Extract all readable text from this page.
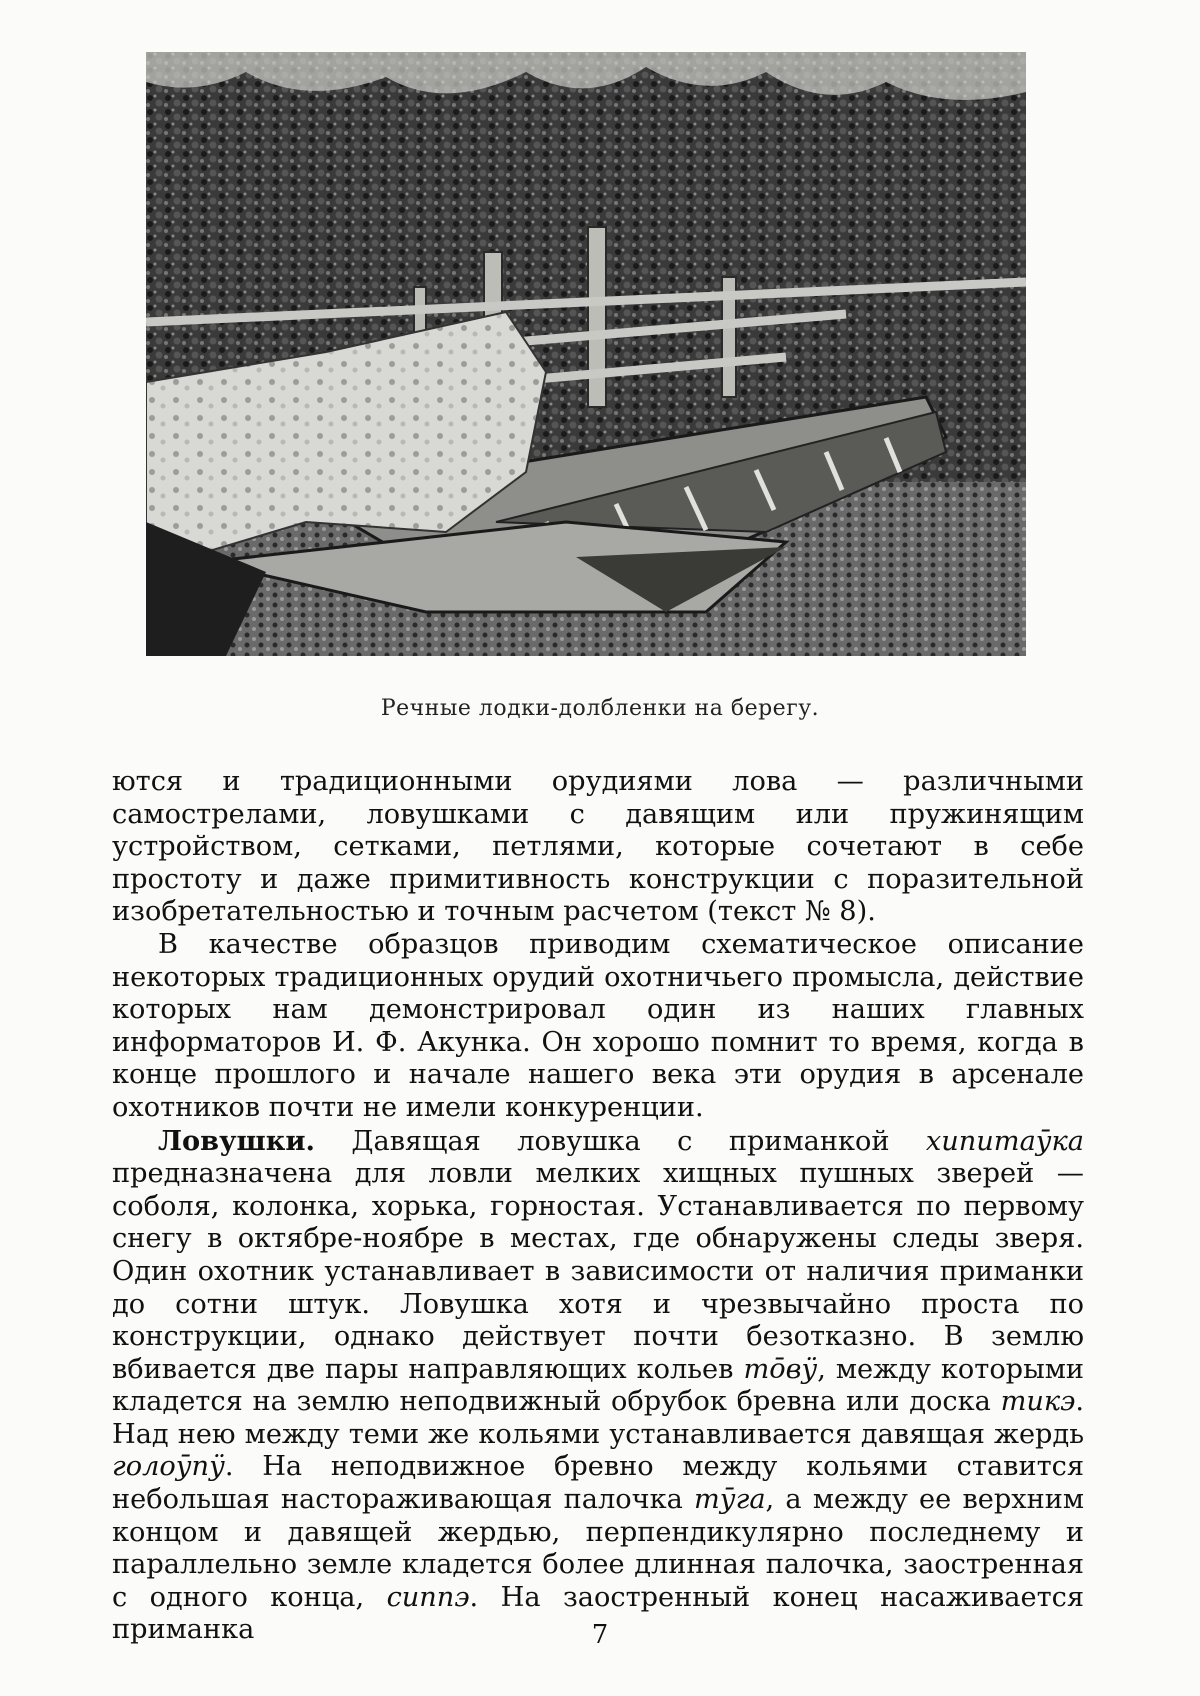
Речные лодки-долбленки на берегу.

ются и традиционными орудиями лова — различными самострелами, ловушками с давящим или пружинящим устройством, сетками, петлями, которые сочетают в себе простоту и даже примитивность конструкции с поразительной изобретательностью и точным расчетом (текст № 8).

В качестве образцов приводим схематическое описание некоторых традиционных орудий охотничьего промысла, действие которых нам демонстрировал один из наших главных информаторов И. Ф. Акунка. Он хорошо помнит то время, когда в конце прошлого и начале нашего века эти орудия в арсенале охотников почти не имели конкуренции.

Ловушки. Давящая ловушка с приманкой хипитаӯка предназначена для ловли мелких хищных пушных зверей — соболя, колонка, хорька, горностая. Устанавливается по первому снегу в октябре-ноябре в местах, где обнаружены следы зверя. Один охотник устанавливает в зависимости от наличия приманки до сотни штук. Ловушка хотя и чрезвычайно проста по конструкции, однако действует почти безотказно. В землю вбивается две пары направляющих кольев тōвӱ, между которыми кладется на землю неподвижный обрубок бревна или доска тикэ. Над нею между теми же кольями устанавливается давящая жердь голоӯпӱ. На неподвижное бревно между кольями ставится небольшая настораживающая палочка тӯга, а между ее верхним концом и давящей жердью, перпендикулярно последнему и параллельно земле кладется более длинная палочка, заостренная с одного конца, сиппэ. На заостренный конец насаживается приманка	7
